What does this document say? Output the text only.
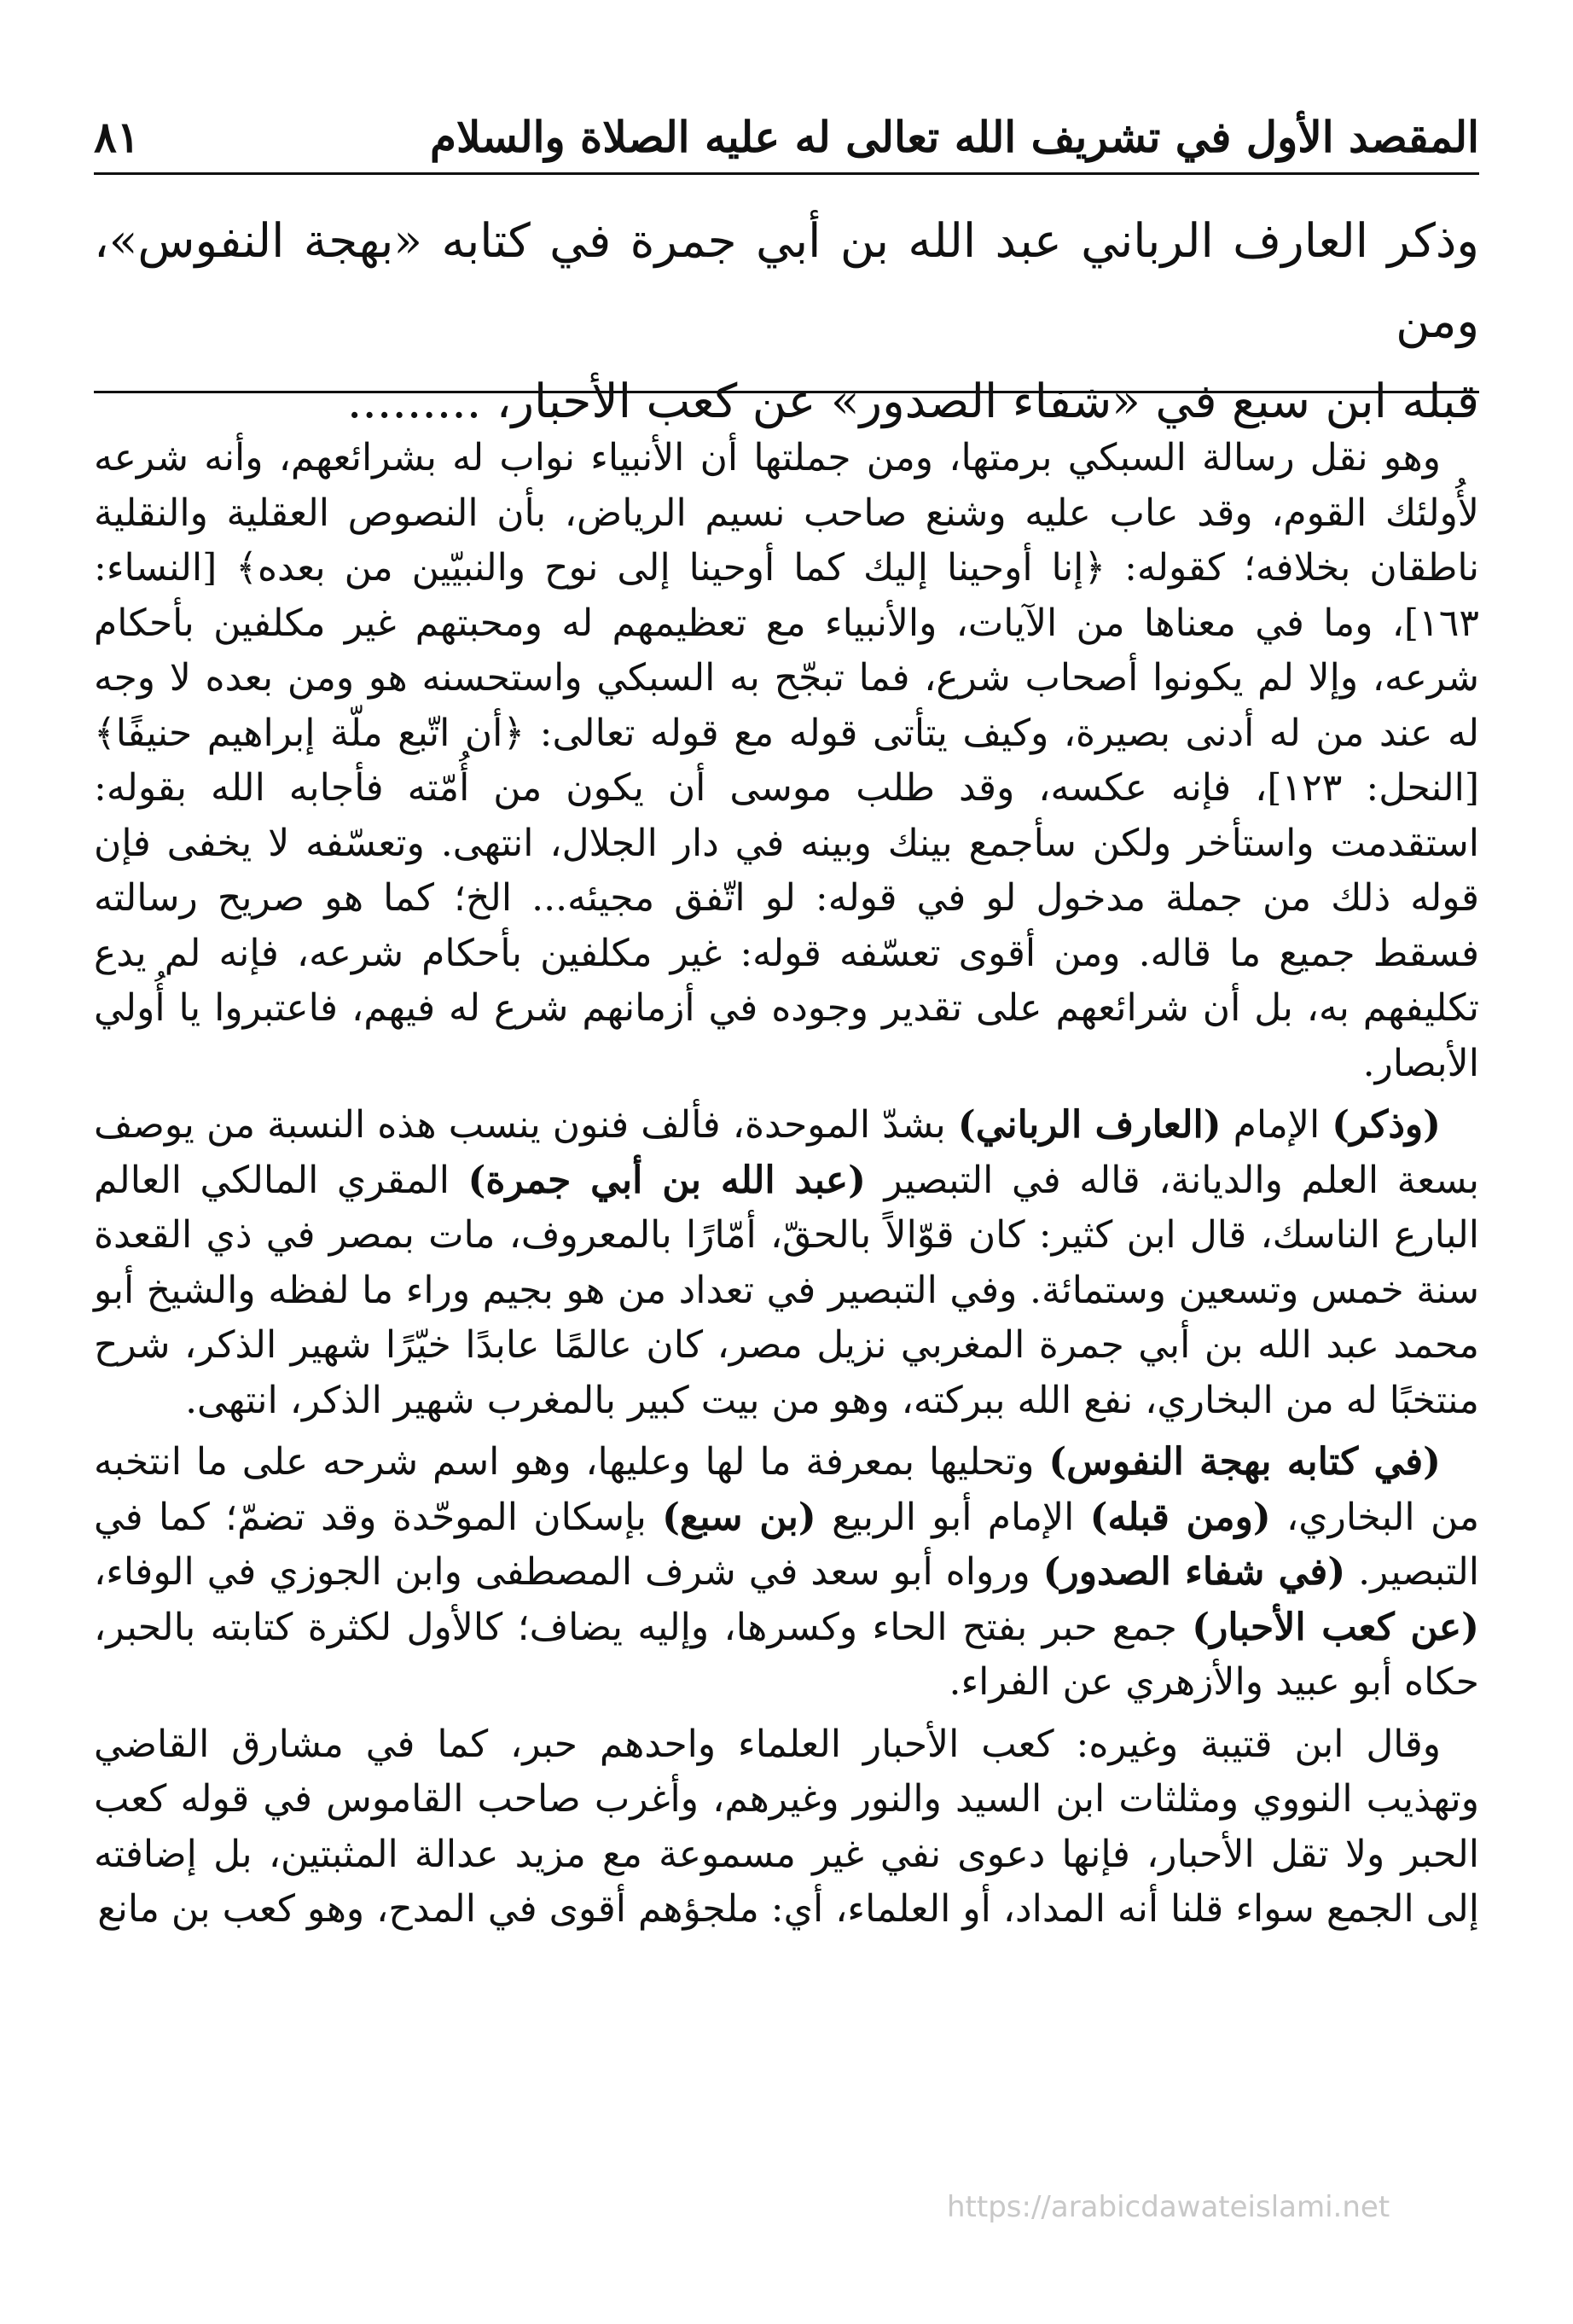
المقصد الأول في تشريف الله تعالى له عليه الصلاة والسلام
٨١

وذكر العارف الرباني عبد الله بن أبي جمرة في كتابه «بهجة النفوس»، ومن

قبله ابن سبع في «شفاء الصدور» عن كعب الأحبار، .........

وهو نقل رسالة السبكي برمتها، ومن جملتها أن الأنبياء نواب له بشرائعهم، وأنه شرعه لأُولئك القوم، وقد عاب عليه وشنع صاحب نسيم الرياض، بأن النصوص العقلية والنقلية ناطقان بخلافه؛ كقوله: ﴿إنا أوحينا إليك كما أوحينا إلى نوح والنبيّين من بعده﴾ [النساء: ١٦٣]، وما في معناها من الآيات، والأنبياء مع تعظيمهم له ومحبتهم غير مكلفين بأحكام شرعه، وإلا لم يكونوا أصحاب شرع، فما تبجّح به السبكي واستحسنه هو ومن بعده لا وجه له عند من له أدنى بصيرة، وكيف يتأتى قوله مع قوله تعالى: ﴿أن اتّبع ملّة إبراهيم حنيفًا﴾ [النحل: ١٢٣]، فإنه عكسه، وقد طلب موسى أن يكون من أُمّته فأجابه الله بقوله: استقدمت واستأخر ولكن سأجمع بينك وبينه في دار الجلال، انتهى. وتعسّفه لا يخفى فإن قوله ذلك من جملة مدخول لو في قوله: لو اتّفق مجيئه... الخ؛ كما هو صريح رسالته فسقط جميع ما قاله. ومن أقوى تعسّفه قوله: غير مكلفين بأحكام شرعه، فإنه لم يدع تكليفهم به، بل أن شرائعهم على تقدير وجوده في أزمانهم شرع له فيهم، فاعتبروا يا أُولي الأبصار.

(وذكر) الإمام (العارف الرباني) بشدّ الموحدة، فألف فنون ينسب هذه النسبة من يوصف بسعة العلم والديانة، قاله في التبصير (عبد الله بن أبي جمرة) المقري المالكي العالم البارع الناسك، قال ابن كثير: كان قوّالاً بالحقّ، أمّارًا بالمعروف، مات بمصر في ذي القعدة سنة خمس وتسعين وستمائة. وفي التبصير في تعداد من هو بجيم وراء ما لفظه والشيخ أبو محمد عبد الله بن أبي جمرة المغربي نزيل مصر، كان عالمًا عابدًا خيّرًا شهير الذكر، شرح منتخبًا له من البخاري، نفع الله ببركته، وهو من بيت كبير بالمغرب شهير الذكر، انتهى.

(في كتابه بهجة النفوس) وتحليها بمعرفة ما لها وعليها، وهو اسم شرحه على ما انتخبه من البخاري، (ومن قبله) الإمام أبو الربيع (بن سبع) بإسكان الموحّدة وقد تضمّ؛ كما في التبصير. (في شفاء الصدور) ورواه أبو سعد في شرف المصطفى وابن الجوزي في الوفاء، (عن كعب الأحبار) جمع حبر بفتح الحاء وكسرها، وإليه يضاف؛ كالأول لكثرة كتابته بالحبر، حكاه أبو عبيد والأزهري عن الفراء.

وقال ابن قتيبة وغيره: كعب الأحبار العلماء واحدهم حبر، كما في مشارق القاضي وتهذيب النووي ومثلثات ابن السيد والنور وغيرهم، وأغرب صاحب القاموس في قوله كعب الحبر ولا تقل الأحبار، فإنها دعوى نفي غير مسموعة مع مزيد عدالة المثبتين، بل إضافته إلى الجمع سواء قلنا أنه المداد، أو العلماء، أي: ملجؤهم أقوى في المدح، وهو كعب بن مانع

https://arabicdawateislami.net
